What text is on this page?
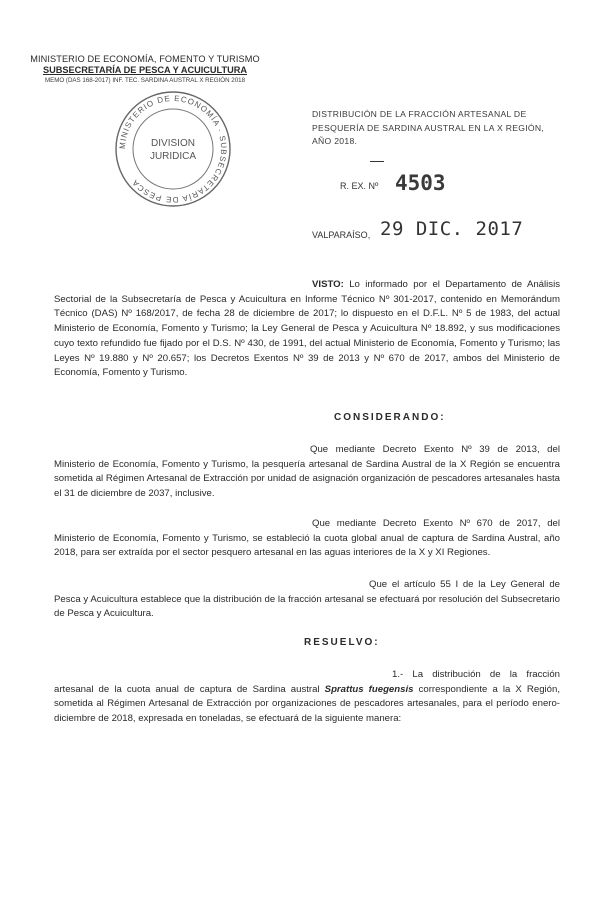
MINISTERIO DE ECONOMÍA, FOMENTO Y TURISMO
SUBSECRETARÍA DE PESCA Y ACUICULTURA
MEMO (DAS 168-2017) INF. TEC. SARDINA AUSTRAL X REGIÓN 2018
MINISTERIO DE ECONOMÍA · SUBSECRETARÍA DE PESCA
DIVISION
JURIDICA
DISTRIBUCIÓN DE LA FRACCIÓN ARTESANAL DE PESQUERÍA DE SARDINA AUSTRAL EN LA X REGIÓN, AÑO 2018.
R. EX. Nº 4503
VALPARAÍSO, 29 DIC. 2017
VISTO: Lo informado por el Departamento de Análisis Sectorial de la Subsecretaría de Pesca y Acuicultura en Informe Técnico Nº 301-2017, contenido en Memorándum Técnico (DAS) Nº 168/2017, de fecha 28 de diciembre de 2017; lo dispuesto en el D.F.L. Nº 5 de 1983, del actual Ministerio de Economía, Fomento y Turismo; la Ley General de Pesca y Acuicultura Nº 18.892, y sus modificaciones cuyo texto refundido fue fijado por el D.S. Nº 430, de 1991, del actual Ministerio de Economía, Fomento y Turismo; las Leyes Nº 19.880 y Nº 20.657; los Decretos Exentos Nº 39 de 2013 y Nº 670 de 2017, ambos del Ministerio de Economía, Fomento y Turismo.
CONSIDERANDO:
Que mediante Decreto Exento Nº 39 de 2013, del Ministerio de Economía, Fomento y Turismo, la pesquería artesanal de Sardina Austral de la X Región se encuentra sometida al Régimen Artesanal de Extracción por unidad de asignación organización de pescadores artesanales hasta el 31 de diciembre de 2037, inclusive.
Que mediante Decreto Exento Nº 670 de 2017, del Ministerio de Economía, Fomento y Turismo, se estableció la cuota global anual de captura de Sardina Austral, año 2018, para ser extraída por el sector pesquero artesanal en las aguas interiores de la X y XI Regiones.
Que el artículo 55 I de la Ley General de Pesca y Acuicultura establece que la distribución de la fracción artesanal se efectuará por resolución del Subsecretario de Pesca y Acuicultura.
RESUELVO:
1.- La distribución de la fracción artesanal de la cuota anual de captura de Sardina austral Sprattus fuegensis correspondiente a la X Región, sometida al Régimen Artesanal de Extracción por organizaciones de pescadores artesanales, para el período enero-diciembre de 2018, expresada en toneladas, se efectuará de la siguiente manera:
